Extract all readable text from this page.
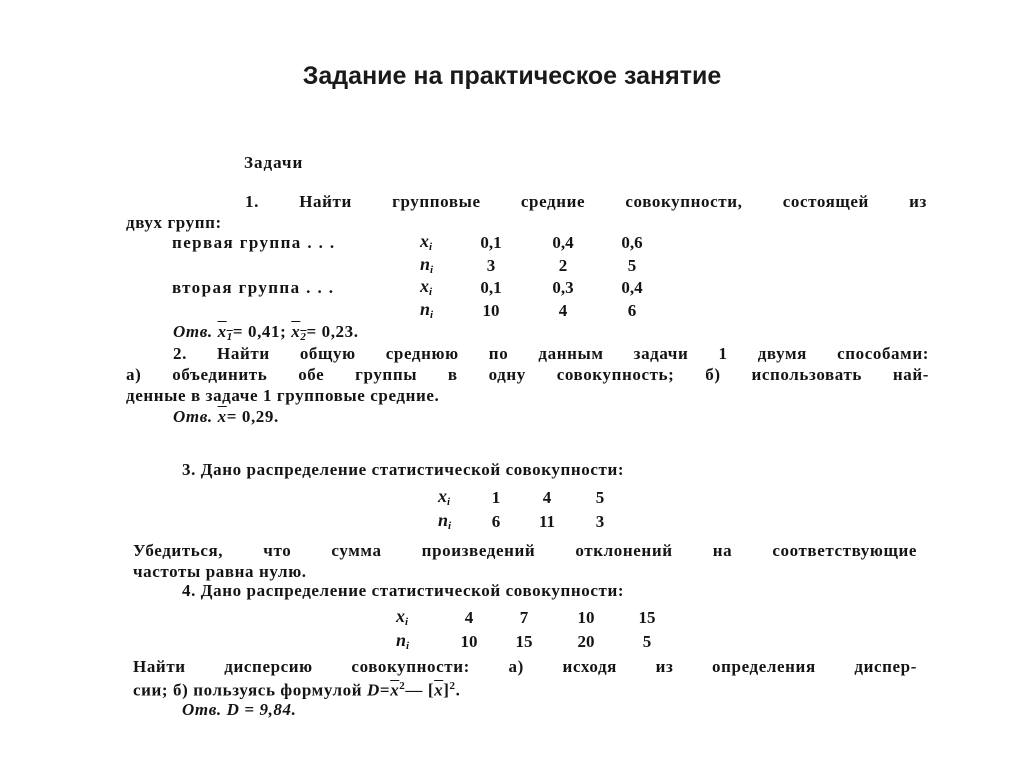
Задание на практическое занятие
Задачи
1. Найти групповые средние совокупности, состоящей из
двух групп:
первая группа . . .	$x_i$	0,1	0,4	0,6
$n_i$	3	2	5
вторая группа . . .	$x_i$	0,1	0,3	0,4
$n_i$	10	4	6
Отв. $x_1= 0,41$; $x_2= 0,23$.
2. Найти общую среднюю по данным задачи 1 двумя способами:
а) объединить обе группы в одну совокупность; б) использовать най-
денные в задаче 1 групповые средние.
Отв. $\overline{x}= 0,29$.
3. Дано распределение статистической совокупности:
$x_i$	1	4	5
$n_i$	6	11	3
Убедиться, что сумма произведений отклонений на соответствующие
частоты равна нулю.
4. Дано распределение статистической совокупности:
$x_i$	4	7	10	15
$n_i$	10	15	20	5
Найти дисперсию совокупности: а) исходя из определения диспер-
сии; б) пользуясь формулой $D=\overline{x}^2—$ $[\overline{x}]^2$.
Отв. D = 9,84.
